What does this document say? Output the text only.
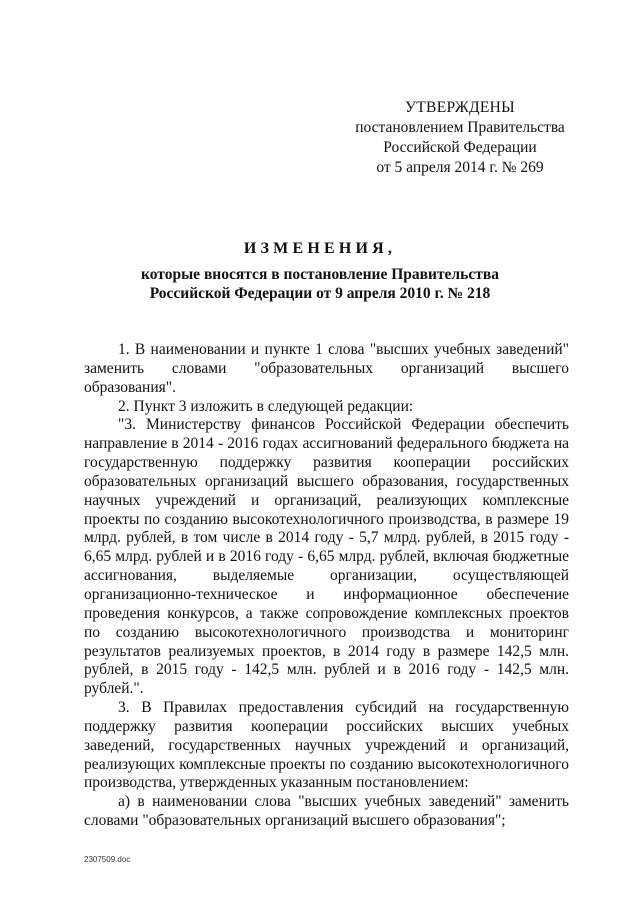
УТВЕРЖДЕНЫ
постановлением Правительства
Российской Федерации
от 5 апреля 2014 г. № 269
ИЗМЕНЕНИЯ,
которые вносятся в постановление Правительства
Российской Федерации от 9 апреля 2010 г. № 218

1. В наименовании и пункте 1 слова "высших учебных заведений" заменить словами "образовательных организаций высшего образования".

2. Пункт 3 изложить в следующей редакции:

"3. Министерству финансов Российской Федерации обеспечить направление в 2014 - 2016 годах ассигнований федерального бюджета на государственную поддержку развития кооперации российских образовательных организаций высшего образования, государственных научных учреждений и организаций, реализующих комплексные проекты по созданию высокотехнологичного производства, в размере 19 млрд. рублей, в том числе в 2014 году - 5,7 млрд. рублей, в 2015 году - 6,65 млрд. рублей и в 2016 году - 6,65 млрд. рублей, включая бюджетные ассигнования, выделяемые организации, осуществляющей организационно-техническое и информационное обеспечение проведения конкурсов, а также сопровождение комплексных проектов по созданию высокотехнологичного производства и мониторинг результатов реализуемых проектов, в 2014 году в размере 142,5 млн. рублей, в 2015 году - 142,5 млн. рублей и в 2016 году - 142,5 млн. рублей.".

3. В Правилах предоставления субсидий на государственную поддержку развития кооперации российских высших учебных заведений, государственных научных учреждений и организаций, реализующих комплексные проекты по созданию высокотехнологичного производства, утвержденных указанным постановлением:

а) в наименовании слова "высших учебных заведений" заменить словами "образовательных организаций высшего образования";

2307509.doc
